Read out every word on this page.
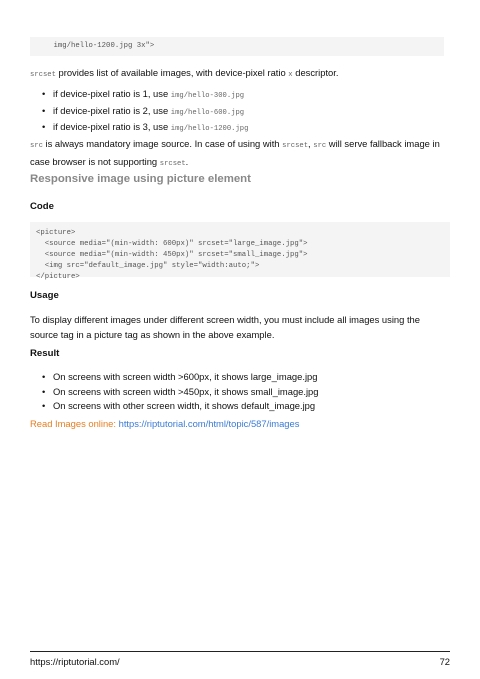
img/hello-1200.jpg 3x">
srcset provides list of available images, with device-pixel ratio x descriptor.
• if device-pixel ratio is 1, use img/hello-300.jpg
• if device-pixel ratio is 2, use img/hello-600.jpg
• if device-pixel ratio is 3, use img/hello-1200.jpg
src is always mandatory image source. In case of using with srcset, src will serve fallback image in case browser is not supporting srcset.
Responsive image using picture element
Code
<picture>
<source media="(min-width: 600px)" srcset="large_image.jpg">
<source media="(min-width: 450px)" srcset="small_image.jpg">
<img src="default_image.jpg" style="width:auto;">
</picture>
Usage
To display different images under different screen width, you must include all images using the source tag in a picture tag as shown in the above example.
Result
• On screens with screen width >600px, it shows large_image.jpg
• On screens with screen width >450px, it shows small_image.jpg
• On screens with other screen width, it shows default_image.jpg
Read Images online: https://riptutorial.com/html/topic/587/images
https://riptutorial.com/	72
